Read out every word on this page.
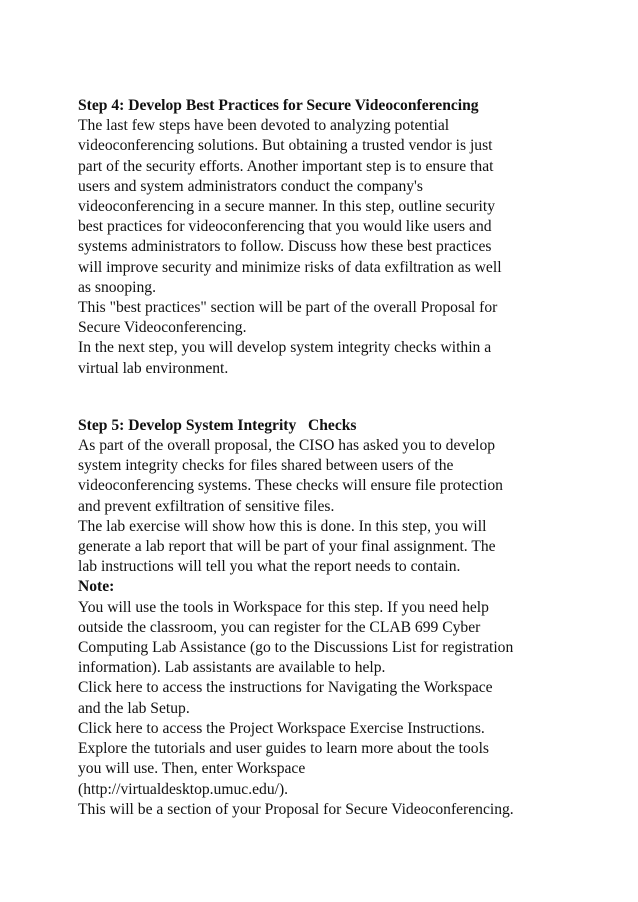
Step 4: Develop Best Practices for Secure Videoconferencing

The last few steps have been devoted to analyzing potential

videoconferencing solutions. But obtaining a trusted vendor is just

part of the security efforts. Another important step is to ensure that

users and system administrators conduct the company's

videoconferencing in a secure manner. In this step, outline security

best practices for videoconferencing that you would like users and

systems administrators to follow. Discuss how these best practices

will improve security and minimize risks of data exfiltration as well

as snooping.

This "best practices" section will be part of the overall Proposal for

Secure Videoconferencing.

In the next step, you will develop system integrity checks within a

virtual lab environment.

Step 5: Develop System Integrity   Checks

As part of the overall proposal, the CISO has asked you to develop

system integrity checks for files shared between users of the

videoconferencing systems. These checks will ensure file protection

and prevent exfiltration of sensitive files.

The lab exercise will show how this is done. In this step, you will

generate a lab report that will be part of your final assignment. The

lab instructions will tell you what the report needs to contain.

Note:

You will use the tools in Workspace for this step. If you need help

outside the classroom, you can register for the CLAB 699 Cyber

Computing Lab Assistance (go to the Discussions List for registration

information). Lab assistants are available to help.

Click here to access the instructions for Navigating the Workspace

and the lab Setup.

Click here to access the Project Workspace Exercise Instructions.

Explore the tutorials and user guides to learn more about the tools

you will use. Then, enter Workspace

(http://virtualdesktop.umuc.edu/).

This will be a section of your Proposal for Secure Videoconferencing.
